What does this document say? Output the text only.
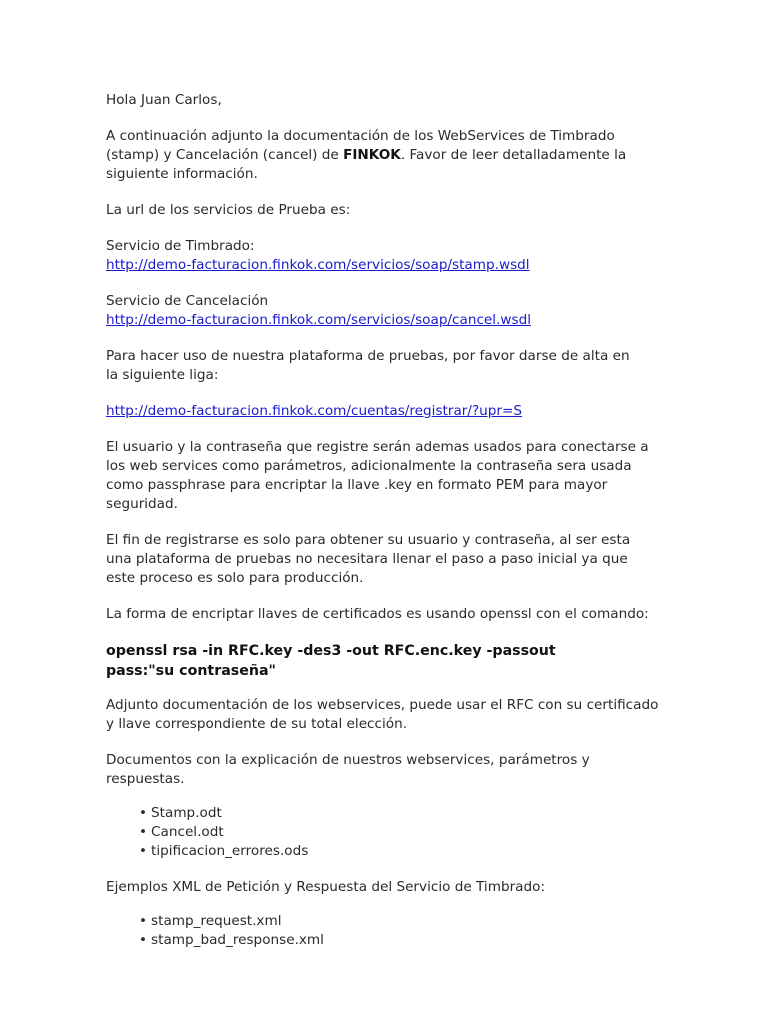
Hola Juan Carlos,

A continuación adjunto la documentación de los WebServices de Timbrado (stamp) y Cancelación (cancel) de FINKOK. Favor de leer detalladamente la siguiente información.

La url de los servicios de Prueba es:

Servicio de Timbrado:
http://demo-facturacion.finkok.com/servicios/soap/stamp.wsdl

Servicio de Cancelación
http://demo-facturacion.finkok.com/servicios/soap/cancel.wsdl

Para hacer uso de nuestra plataforma de pruebas, por favor darse de alta en la siguiente liga:

http://demo-facturacion.finkok.com/cuentas/registrar/?upr=S

El usuario y la contraseña que registre serán ademas usados para conectarse a los web services como parámetros, adicionalmente la contraseña sera usada como passphrase para encriptar la llave .key en formato PEM para mayor seguridad.

El fin de registrarse es solo para obtener su usuario y contraseña, al ser esta una plataforma de pruebas no necesitara llenar el paso a paso inicial ya que este proceso es solo para producción.

La forma de encriptar llaves de certificados es usando openssl con el comando:

openssl rsa -in RFC.key -des3 -out RFC.enc.key -passout pass:"su contraseña"

Adjunto documentación de los webservices, puede usar el RFC con su certificado y llave correspondiente de su total elección.

Documentos con la explicación de nuestros webservices, parámetros y respuestas.

• Stamp.odt
• Cancel.odt
• tipificacion_errores.ods

Ejemplos XML de Petición y Respuesta del Servicio de Timbrado:

• stamp_request.xml
• stamp_bad_response.xml
